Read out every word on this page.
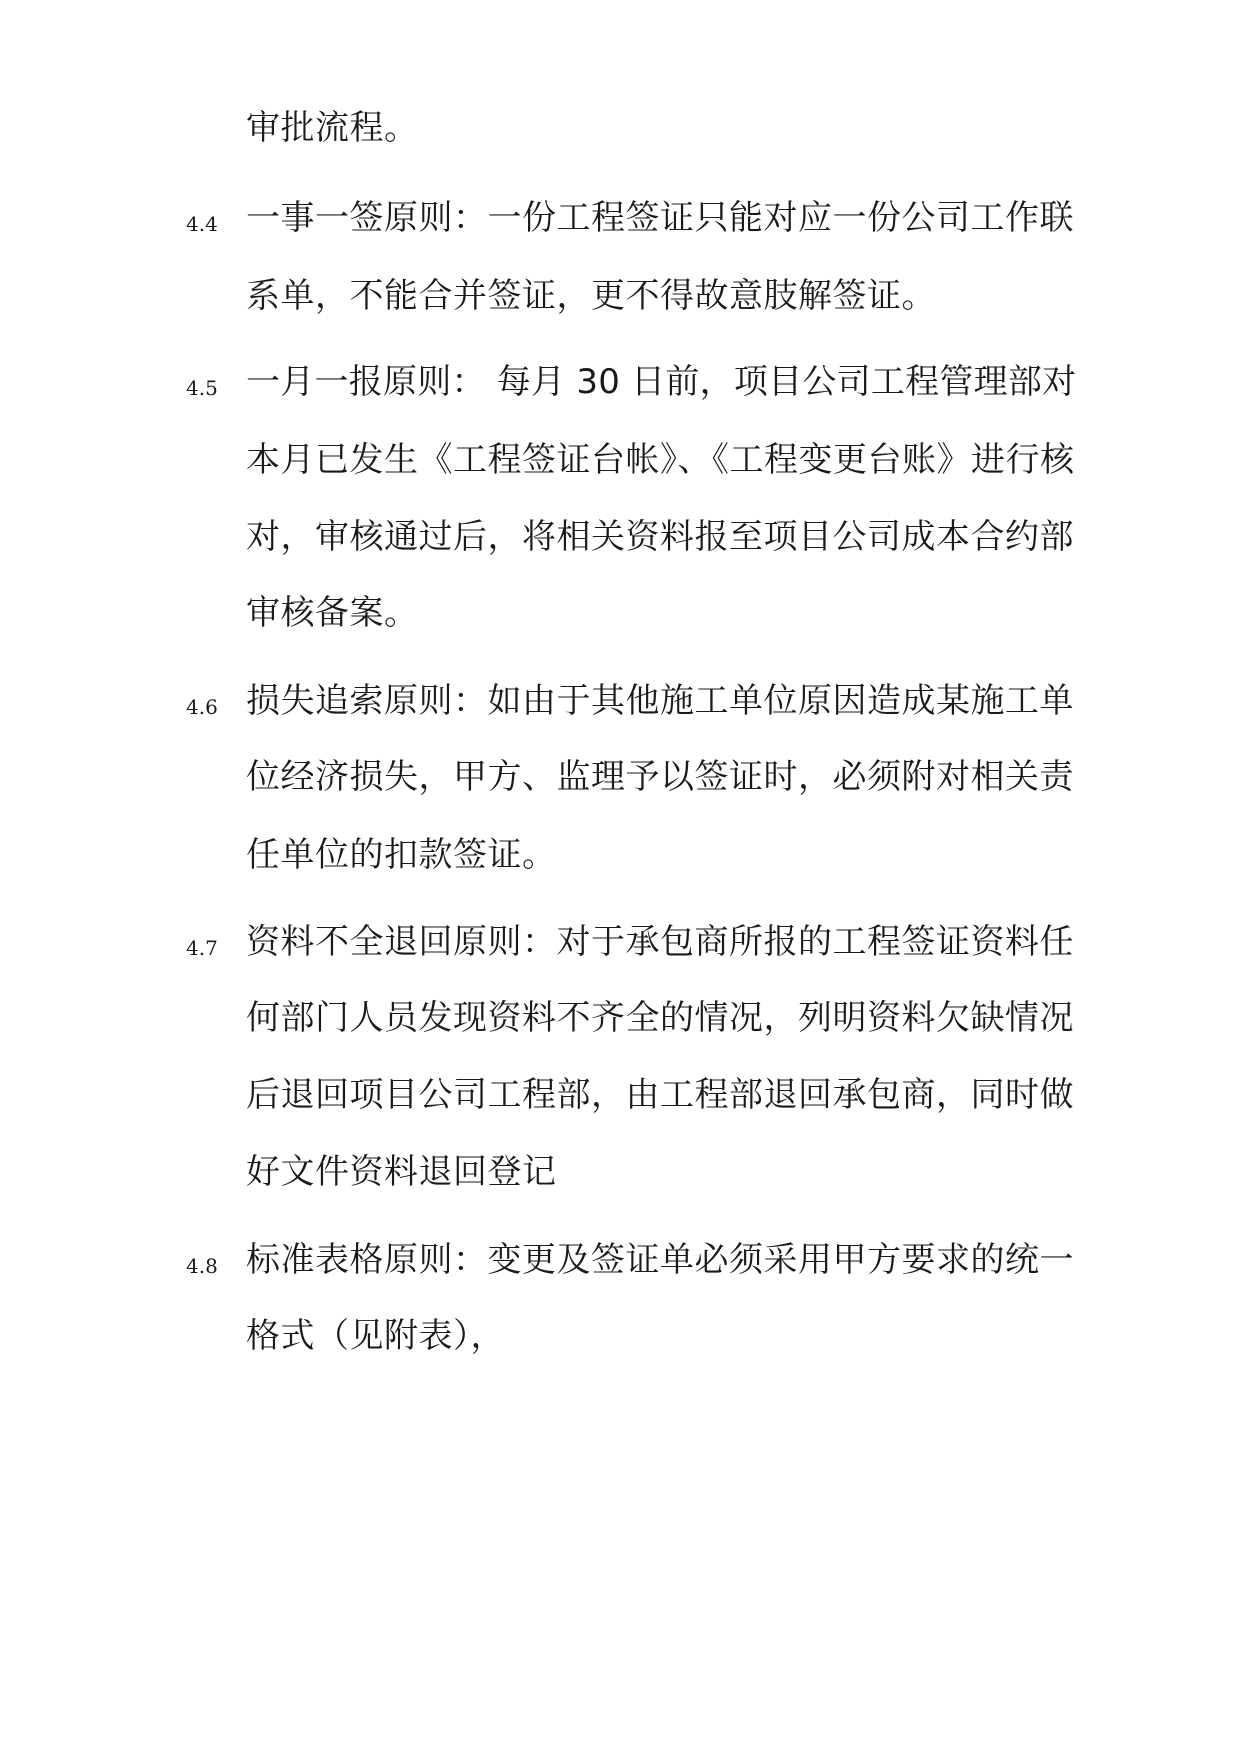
审批流程。
4.4 一事一签原则：一份工程签证只能对应一份公司工作联
系单，不能合并签证，更不得故意肢解签证。
4.5 一月一报原则： 每月 30 日前，项目公司工程管理部对
本月已发生《工程签证台帐》、《工程变更台账》进行核
对，审核通过后，将相关资料报至项目公司成本合约部
审核备案。
4.6 损失追索原则：如由于其他施工单位原因造成某施工单
位经济损失，甲方、监理予以签证时，必须附对相关责
任单位的扣款签证。
4.7 资料不全退回原则：对于承包商所报的工程签证资料任
何部门人员发现资料不齐全的情况，列明资料欠缺情况
后退回项目公司工程部，由工程部退回承包商，同时做
好文件资料退回登记
4.8 标准表格原则：变更及签证单必须采用甲方要求的统一
格式（见附表），
